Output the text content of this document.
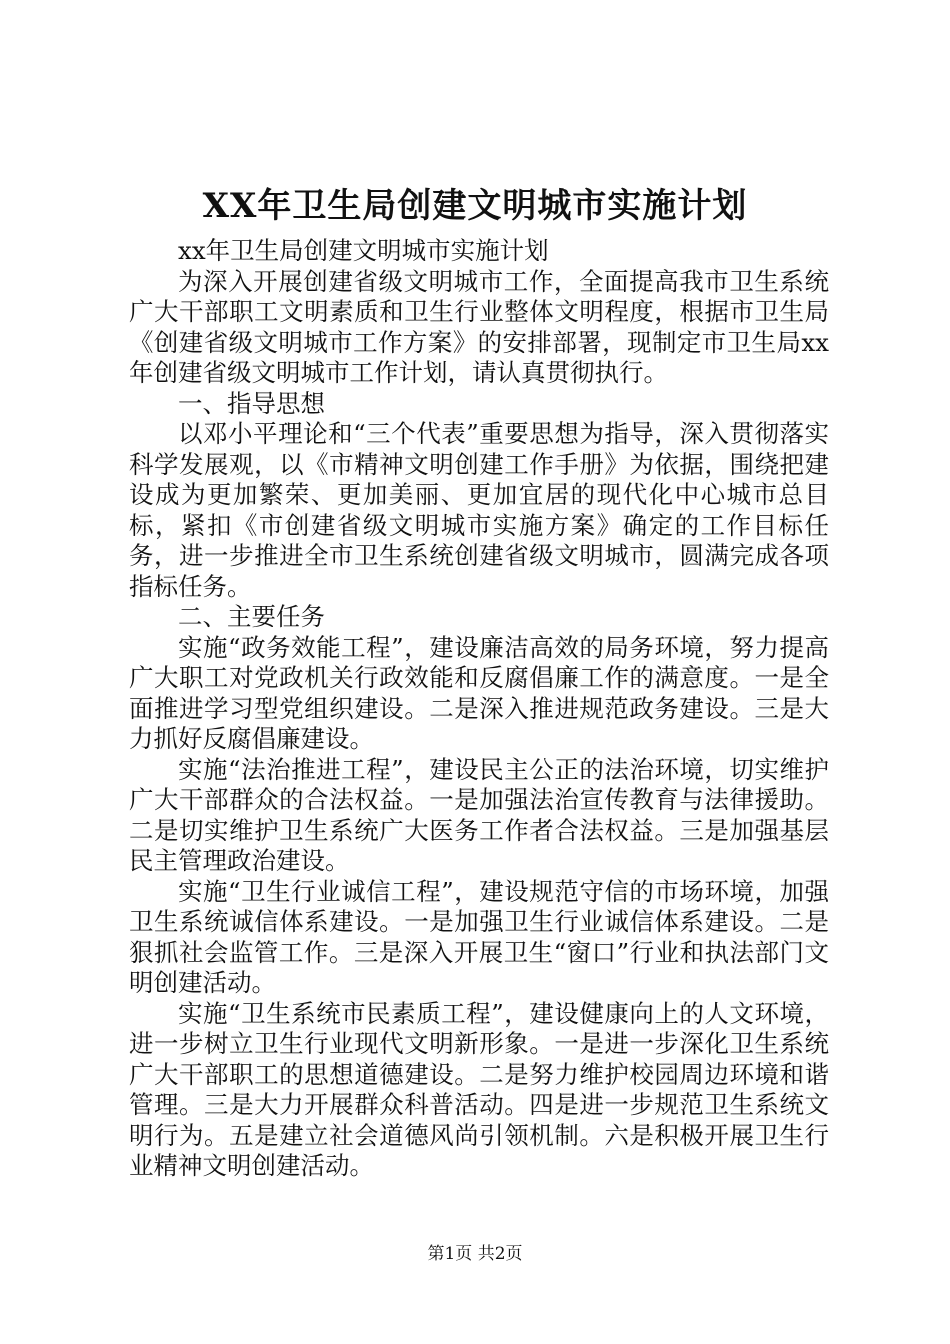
XX年卫生局创建文明城市实施计划

xx年卫生局创建文明城市实施计划

为深入开展创建省级文明城市工作，全面提高我市卫生系统广大干部职工文明素质和卫生行业整体文明程度，根据市卫生局《创建省级文明城市工作方案》的安排部署，现制定市卫生局xx年创建省级文明城市工作计划，请认真贯彻执行。

一、指导思想

以邓小平理论和“三个代表”重要思想为指导，深入贯彻落实科学发展观，以《市精神文明创建工作手册》为依据，围绕把建设成为更加繁荣、更加美丽、更加宜居的现代化中心城市总目标，紧扣《市创建省级文明城市实施方案》确定的工作目标任务，进一步推进全市卫生系统创建省级文明城市，圆满完成各项指标任务。

二、主要任务

实施“政务效能工程”，建设廉洁高效的局务环境，努力提高广大职工对党政机关行政效能和反腐倡廉工作的满意度。一是全面推进学习型党组织建设。二是深入推进规范政务建设。三是大力抓好反腐倡廉建设。

实施“法治推进工程”，建设民主公正的法治环境，切实维护广大干部群众的合法权益。一是加强法治宣传教育与法律援助。二是切实维护卫生系统广大医务工作者合法权益。三是加强基层民主管理政治建设。

实施“卫生行业诚信工程”，建设规范守信的市场环境，加强卫生系统诚信体系建设。一是加强卫生行业诚信体系建设。二是狠抓社会监管工作。三是深入开展卫生“窗口”行业和执法部门文明创建活动。

实施“卫生系统市民素质工程”，建设健康向上的人文环境，进一步树立卫生行业现代文明新形象。一是进一步深化卫生系统广大干部职工的思想道德建设。二是努力维护校园周边环境和谐管理。三是大力开展群众科普活动。四是进一步规范卫生系统文明行为。五是建立社会道德风尚引领机制。六是积极开展卫生行业精神文明创建活动。

第1页 共2页
